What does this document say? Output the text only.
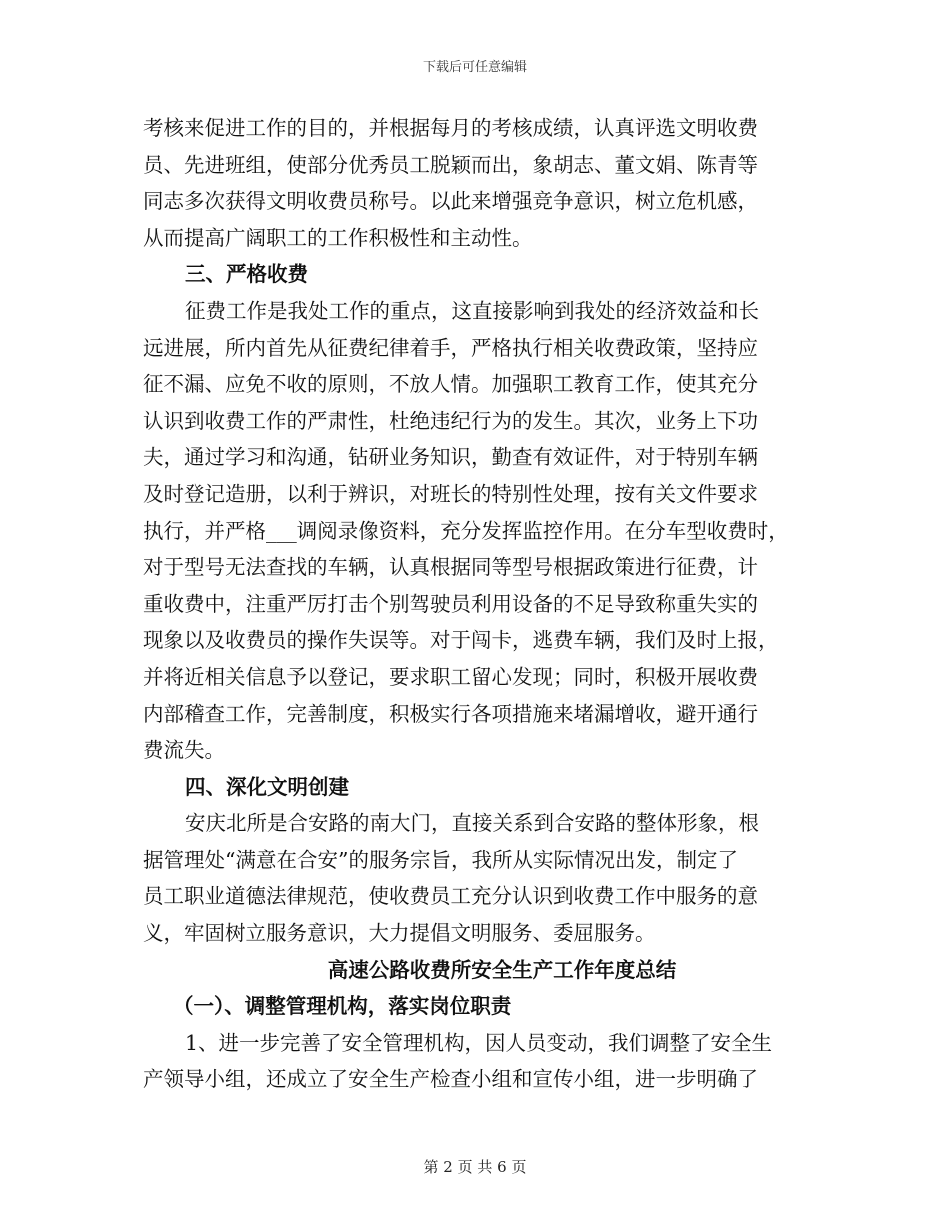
下载后可任意编辑
考核来促进工作的目的，并根据每月的考核成绩，认真评选文明收费
员、先进班组，使部分优秀员工脱颖而出，象胡志、董文娟、陈青等
同志多次获得文明收费员称号。以此来增强竞争意识，树立危机感，
从而提高广阔职工的工作积极性和主动性。
三、严格收费
征费工作是我处工作的重点，这直接影响到我处的经济效益和长
远进展，所内首先从征费纪律着手，严格执行相关收费政策，坚持应
征不漏、应免不收的原则，不放人情。加强职工教育工作，使其充分
认识到收费工作的严肃性，杜绝违纪行为的发生。其次，业务上下功
夫，通过学习和沟通，钻研业务知识，勤查有效证件，对于特别车辆
及时登记造册，以利于辨识，对班长的特别性处理，按有关文件要求
执行，并严格___调阅录像资料，充分发挥监控作用。在分车型收费时，
对于型号无法查找的车辆，认真根据同等型号根据政策进行征费，计
重收费中，注重严厉打击个别驾驶员利用设备的不足导致称重失实的
现象以及收费员的操作失误等。对于闯卡，逃费车辆，我们及时上报，
并将近相关信息予以登记，要求职工留心发现；同时，积极开展收费
内部稽查工作，完善制度，积极实行各项措施来堵漏增收，避开通行
费流失。
四、深化文明创建
安庆北所是合安路的南大门，直接关系到合安路的整体形象，根
据管理处“满意在合安”的服务宗旨，我所从实际情况出发，制定了
员工职业道德法律规范，使收费员工充分认识到收费工作中服务的意
义，牢固树立服务意识，大力提倡文明服务、委屈服务。
高速公路收费所安全生产工作年度总结
（一）、调整管理机构，落实岗位职责
1、进一步完善了安全管理机构，因人员变动，我们调整了安全生
产领导小组，还成立了安全生产检查小组和宣传小组，进一步明确了
第 2 页 共 6 页
